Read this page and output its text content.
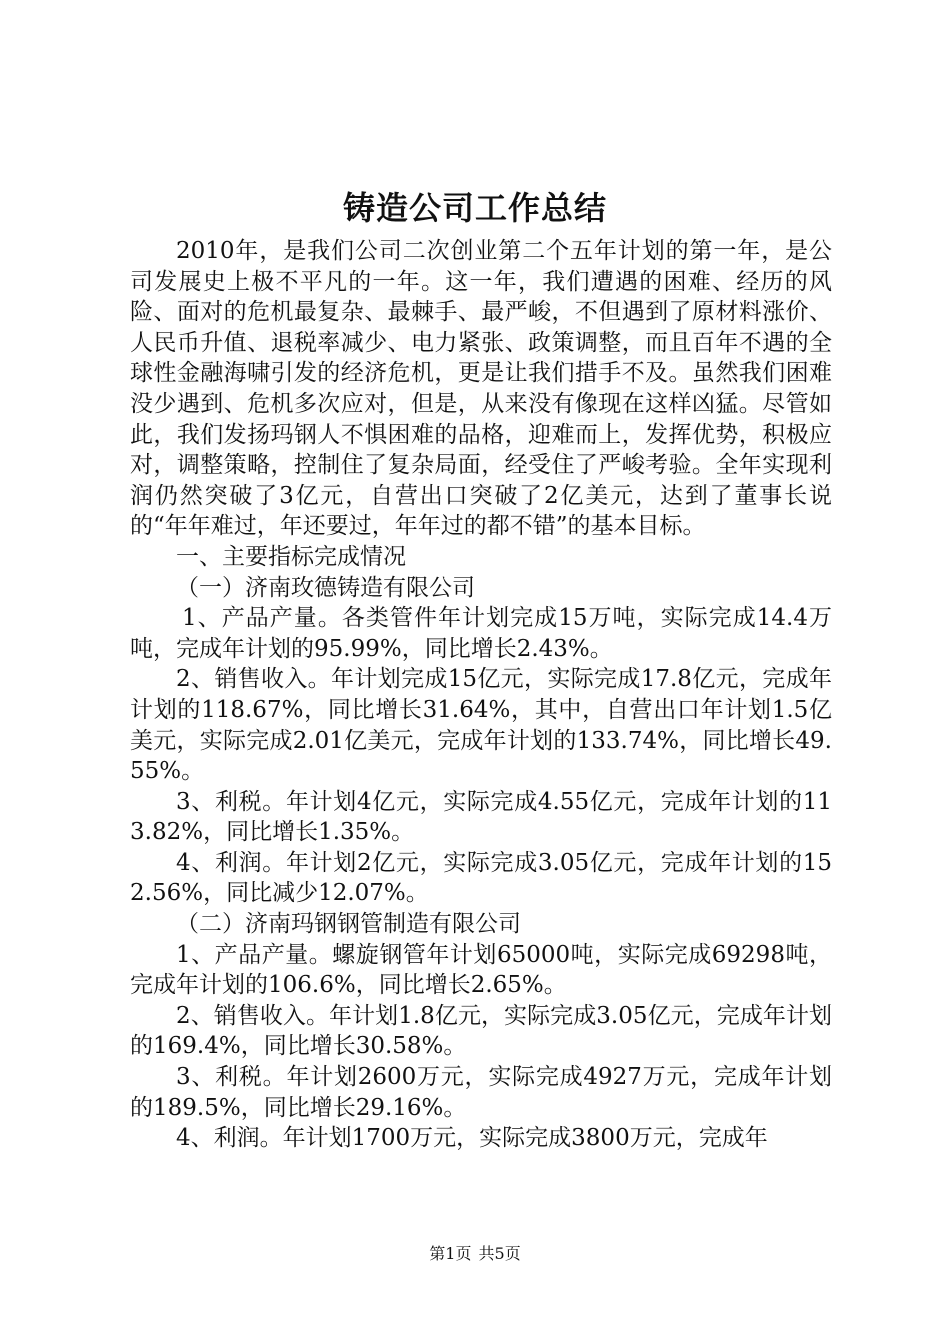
铸造公司工作总结

2010年，是我们公司二次创业第二个五年计划的第一年，是公司发展史上极不平凡的一年。这一年，我们遭遇的困难、经历的风险、面对的危机最复杂、最棘手、最严峻，不但遇到了原材料涨价、人民币升值、退税率减少、电力紧张、政策调整，而且百年不遇的全球性金融海啸引发的经济危机，更是让我们措手不及。虽然我们困难没少遇到、危机多次应对，但是，从来没有像现在这样凶猛。尽管如此，我们发扬玛钢人不惧困难的品格，迎难而上，发挥优势，积极应对，调整策略，控制住了复杂局面，经受住了严峻考验。全年实现利润仍然突破了3亿元，自营出口突破了2亿美元，达到了董事长说的“年年难过，年还要过，年年过的都不错”的基本目标。

一、主要指标完成情况

（一）济南玫德铸造有限公司

1、产品产量。各类管件年计划完成15万吨，实际完成14.4万吨，完成年计划的95.99%，同比增长2.43%。

2、销售收入。年计划完成15亿元，实际完成17.8亿元，完成年计划的118.67%，同比增长31.64%，其中，自营出口年计划1.5亿美元，实际完成2.01亿美元，完成年计划的133.74%，同比增长49.55%。

3、利税。年计划4亿元，实际完成4.55亿元，完成年计划的113.82%，同比增长1.35%。

4、利润。年计划2亿元，实际完成3.05亿元，完成年计划的152.56%，同比减少12.07%。

（二）济南玛钢钢管制造有限公司

1、产品产量。螺旋钢管年计划65000吨，实际完成69298吨，完成年计划的106.6%，同比增长2.65%。

2、销售收入。年计划1.8亿元，实际完成3.05亿元，完成年计划的169.4%，同比增长30.58%。

3、利税。年计划2600万元，实际完成4927万元，完成年计划的189.5%，同比增长29.16%。

4、利润。年计划1700万元，实际完成3800万元，完成年

第1页 共5页
